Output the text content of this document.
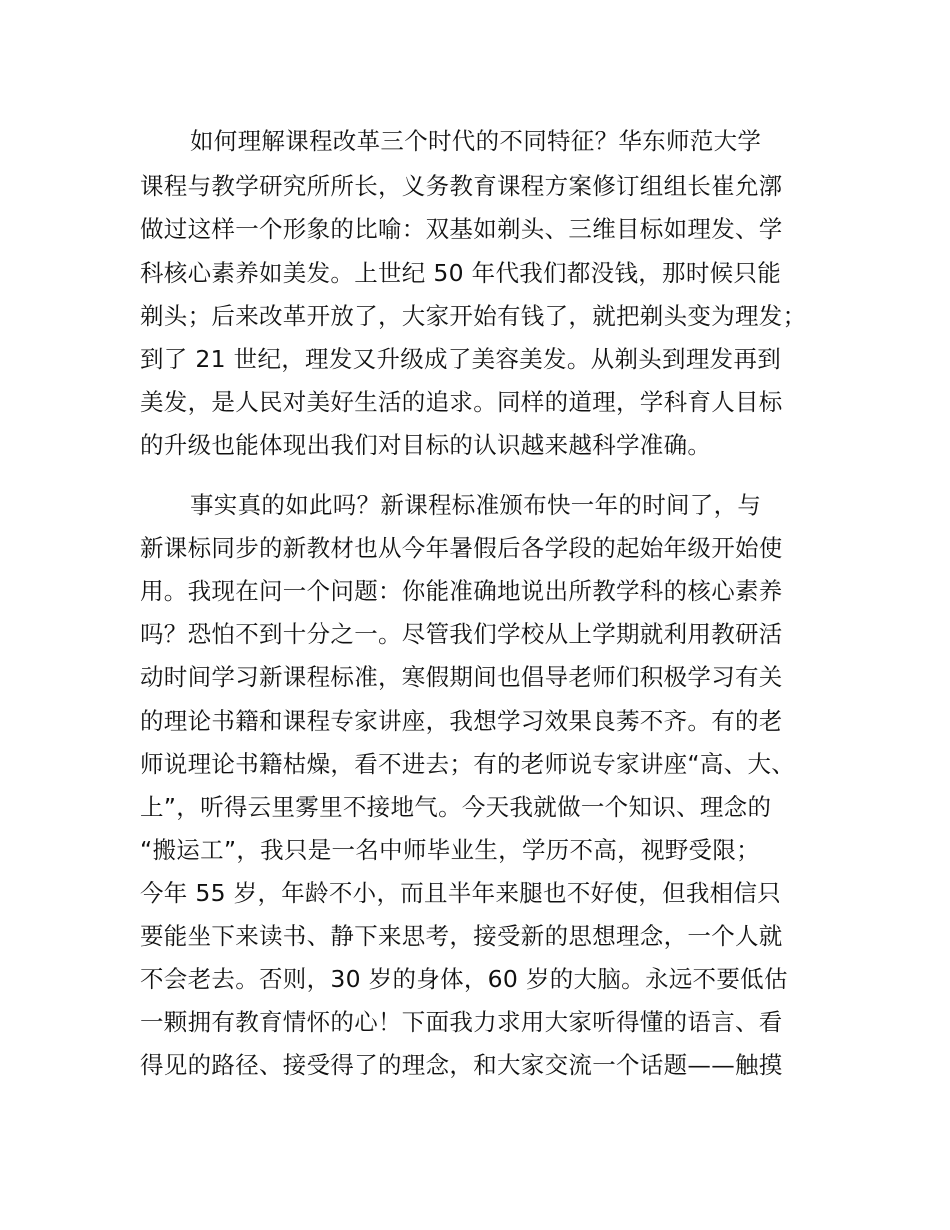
如何理解课程改革三个时代的不同特征？华东师范大学
课程与教学研究所所长，义务教育课程方案修订组组长崔允漷
做过这样一个形象的比喻：双基如剃头、三维目标如理发、学
科核心素养如美发。上世纪 50 年代我们都没钱，那时候只能
剃头；后来改革开放了，大家开始有钱了，就把剃头变为理发；
到了 21 世纪，理发又升级成了美容美发。从剃头到理发再到
美发，是人民对美好生活的追求。同样的道理，学科育人目标
的升级也能体现出我们对目标的认识越来越科学准确。
事实真的如此吗？新课程标准颁布快一年的时间了，与
新课标同步的新教材也从今年暑假后各学段的起始年级开始使
用。我现在问一个问题：你能准确地说出所教学科的核心素养
吗？恐怕不到十分之一。尽管我们学校从上学期就利用教研活
动时间学习新课程标准，寒假期间也倡导老师们积极学习有关
的理论书籍和课程专家讲座，我想学习效果良莠不齐。有的老
师说理论书籍枯燥，看不进去；有的老师说专家讲座“高、大、
上”，听得云里雾里不接地气。今天我就做一个知识、理念的
“搬运工”，我只是一名中师毕业生，学历不高，视野受限；
今年 55 岁，年龄不小，而且半年来腿也不好使，但我相信只
要能坐下来读书、静下来思考，接受新的思想理念，一个人就
不会老去。否则，30 岁的身体，60 岁的大脑。永远不要低估
一颗拥有教育情怀的心！下面我力求用大家听得懂的语言、看
得见的路径、接受得了的理念，和大家交流一个话题——触摸
